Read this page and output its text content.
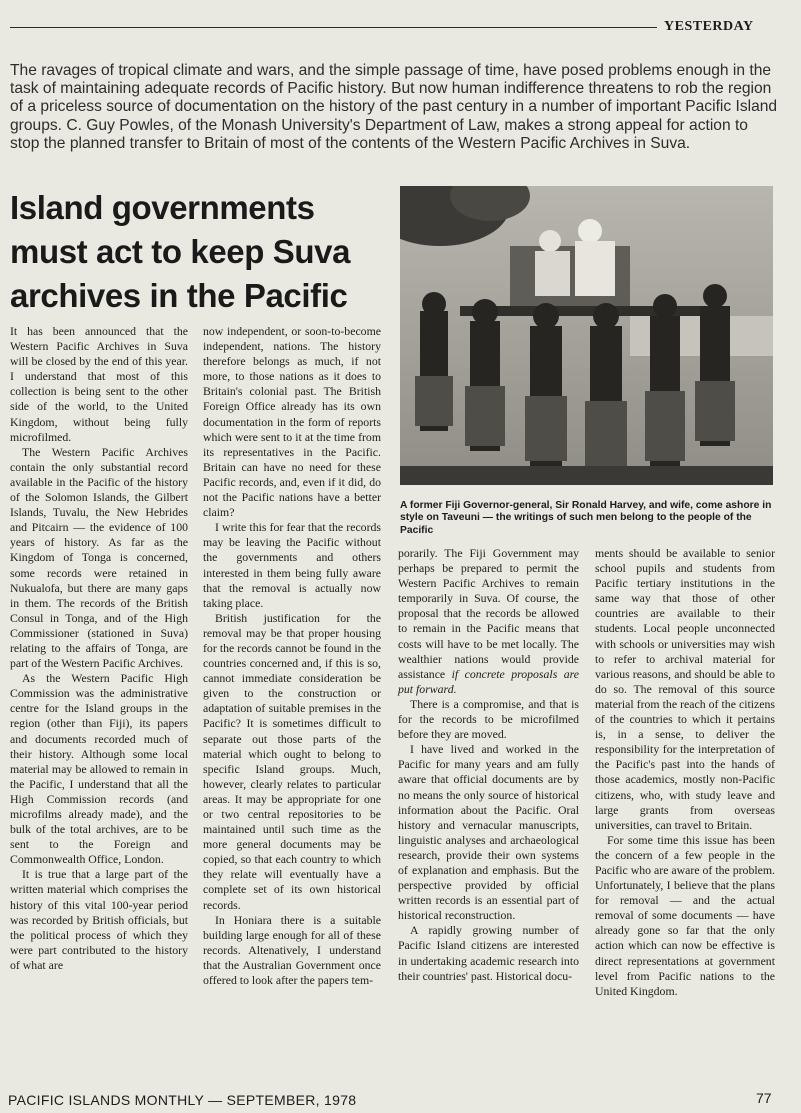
YESTERDAY

The ravages of tropical climate and wars, and the simple passage of time, have posed problems enough in the task of maintaining adequate records of Pacific history. But now human indifference threatens to rob the region of a priceless source of documentation on the history of the past century in a number of important Pacific Island groups. C. Guy Powles, of the Monash University's Department of Law, makes a strong appeal for action to stop the planned transfer to Britain of most of the contents of the Western Pacific Archives in Suva.

Island governments must act to keep Suva archives in the Pacific

It has been announced that the Western Pacific Archives in Suva will be closed by the end of this year. I understand that most of this collection is being sent to the other side of the world, to the United Kingdom, without being fully microfilmed.

The Western Pacific Archives contain the only substantial record available in the Pacific of the history of the Solomon Islands, the Gilbert Islands, Tuvalu, the New Hebrides and Pitcairn — the evidence of 100 years of history. As far as the Kingdom of Tonga is concerned, some records were retained in Nukualofa, but there are many gaps in them. The records of the British Consul in Tonga, and of the High Commissioner (stationed in Suva) relating to the affairs of Tonga, are part of the Western Pacific Archives.

As the Western Pacific High Commission was the administrative centre for the Island groups in the region (other than Fiji), its papers and documents recorded much of their history. Although some local material may be allowed to remain in the Pacific, I understand that all the High Commission records (and microfilms already made), and the bulk of the total archives, are to be sent to the Foreign and Commonwealth Office, London.

It is true that a large part of the written material which comprises the history of this vital 100-year period was recorded by British officials, but the political process of which they were part contributed to the history of what are

now independent, or soon-to-become independent, nations. The history therefore belongs as much, if not more, to those nations as it does to Britain's colonial past. The British Foreign Office already has its own documentation in the form of reports which were sent to it at the time from its representatives in the Pacific. Britain can have no need for these Pacific records, and, even if it did, do not the Pacific nations have a better claim?

I write this for fear that the records may be leaving the Pacific without the governments and others interested in them being fully aware that the removal is actually now taking place.

British justification for the removal may be that proper housing for the records cannot be found in the countries concerned and, if this is so, cannot immediate consideration be given to the construction or adaptation of suitable premises in the Pacific? It is sometimes difficult to separate out those parts of the material which ought to belong to specific Island groups. Much, however, clearly relates to particular areas. It may be appropriate for one or two central repositories to be maintained until such time as the more general documents may be copied, so that each country to which they relate will eventually have a complete set of its own historical records.

In Honiara there is a suitable building large enough for all of these records. Altenatively, I understand that the Australian Government once offered to look after the papers tem-

A former Fiji Governor-general, Sir Ronald Harvey, and wife, come ashore in style on Taveuni — the writings of such men belong to the people of the Pacific

porarily. The Fiji Government may perhaps be prepared to permit the Western Pacific Archives to remain temporarily in Suva. Of course, the proposal that the records be allowed to remain in the Pacific means that costs will have to be met locally. The wealthier nations would provide assistance if concrete proposals are put forward.

There is a compromise, and that is for the records to be microfilmed before they are moved.

I have lived and worked in the Pacific for many years and am fully aware that official documents are by no means the only source of historical information about the Pacific. Oral history and vernacular manuscripts, linguistic analyses and archaeological research, provide their own systems of explanation and emphasis. But the perspective provided by official written records is an essential part of historical reconstruction.

A rapidly growing number of Pacific Island citizens are interested in undertaking academic research into their countries' past. Historical docu-

ments should be available to senior school pupils and students from Pacific tertiary institutions in the same way that those of other countries are available to their students. Local people unconnected with schools or universities may wish to refer to archival material for various reasons, and should be able to do so. The removal of this source material from the reach of the citizens of the countries to which it pertains is, in a sense, to deliver the responsibility for the interpretation of the Pacific's past into the hands of those academics, mostly non-Pacific citizens, who, with study leave and large grants from overseas universities, can travel to Britain.

For some time this issue has been the concern of a few people in the Pacific who are aware of the problem. Unfortunately, I believe that the plans for removal — and the actual removal of some documents — have already gone so far that the only action which can now be effective is direct representations at government level from Pacific nations to the United Kingdom.

PACIFIC ISLANDS MONTHLY — SEPTEMBER, 1978	77
